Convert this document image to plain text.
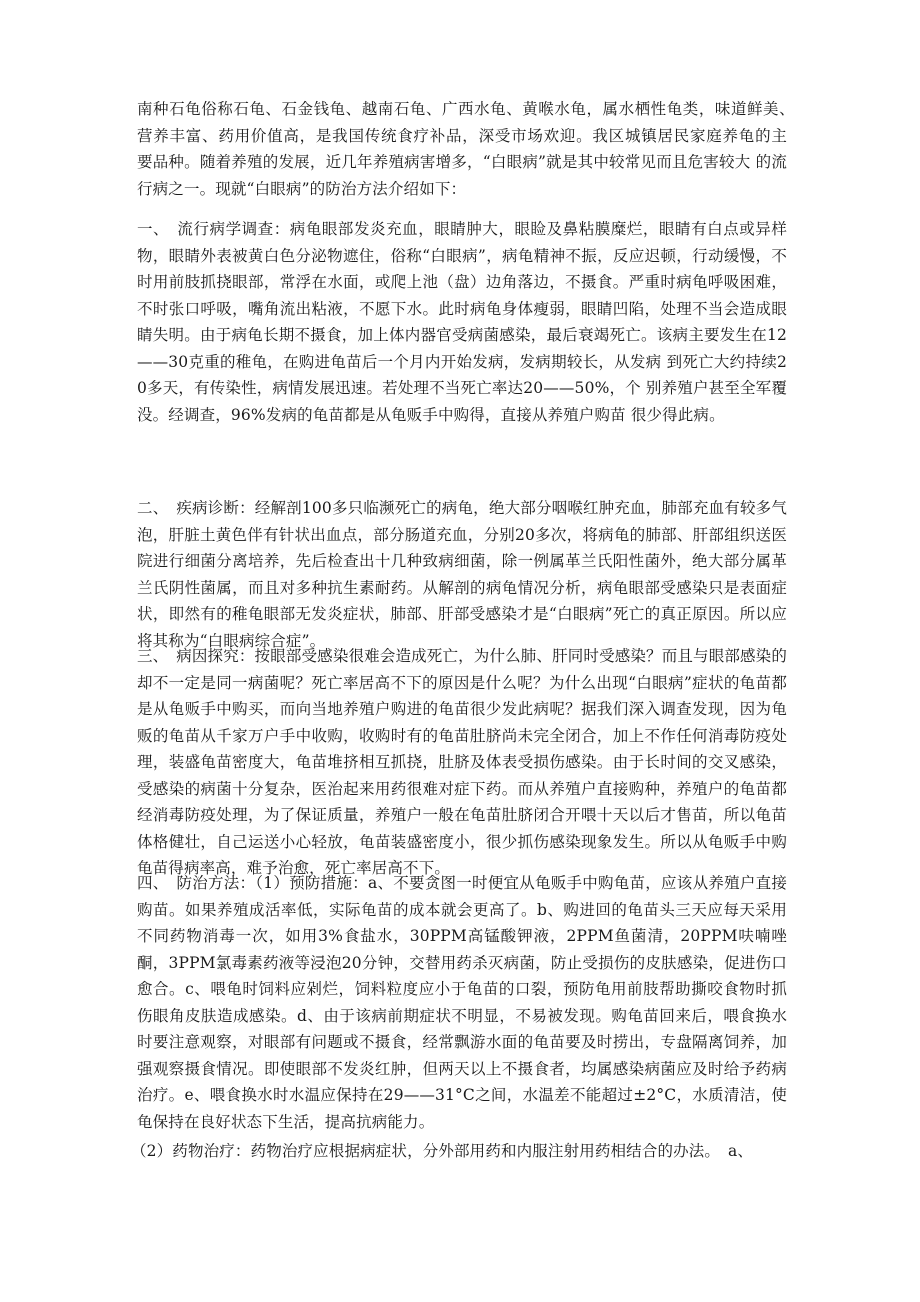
南种石龟俗称石龟、石金钱龟、越南石龟、广西水龟、黄喉水龟，属水栖性龟类，味道鲜美、　营养丰富、药用价值高，是我国传统食疗补品，深受市场欢迎。我区城镇居民家庭养龟的主　要品种。随着养殖的发展，近几年养殖病害增多，“白眼病”就是其中较常见而且危害较大 的流行病之一。现就“白眼病”的防治方法介绍如下：

一、　流行病学调查：病龟眼部发炎充血，眼睛肿大，眼睑及鼻粘膜糜烂，眼睛有白点或异样物，眼睛外表被黄白色分泌物遮住，俗称“白眼病”，病龟精神不振，反应迟顿，行动缓慢，不时用前肢抓挠眼部，常浮在水面，或爬上池（盘）边角落边，不摄食。严重时病龟呼吸困难，不时张口呼吸，嘴角流出粘液，不愿下水。此时病龟身体瘦弱，眼睛凹陷，处理不当会造成眼睛失明。由于病龟长期不摄食，加上体内器官受病菌感染，最后衰竭死亡。该病主要发生在12——30克重的稚龟，在购进龟苗后一个月内开始发病，发病期较长，从发病 到死亡大约持续20多天，有传染性，病情发展迅速。若处理不当死亡率达20——50%，个 别养殖户甚至全军覆没。经调查，96%发病的龟苗都是从龟贩手中购得，直接从养殖户购苗 很少得此病。

二、　疾病诊断：经解剖100多只临濒死亡的病龟，绝大部分咽喉红肿充血，肺部充血有较多气泡，肝脏土黄色伴有针状出血点，部分肠道充血，分别20多次，将病龟的肺部、肝部组织送医院进行细菌分离培养，先后检查出十几种致病细菌，除一例属革兰氏阳性菌外，绝大部分属革兰氏阴性菌属，而且对多种抗生素耐药。从解剖的病龟情况分析，病龟眼部受感染只是表面症状，即然有的稚龟眼部无发炎症状，肺部、肝部受感染才是“白眼病”死亡的真正原因。所以应将其称为“白眼病综合症”。

三、　病因探究：按眼部受感染很难会造成死亡，为什么肺、肝同时受感染？而且与眼部感染的却不一定是同一病菌呢？死亡率居高不下的原因是什么呢？为什么出现“白眼病”症状的龟苗都是从龟贩手中购买，而向当地养殖户购进的龟苗很少发此病呢？据我们深入调查发现，因为龟贩的龟苗从千家万户手中收购，收购时有的龟苗肚脐尚未完全闭合，加上不作任何消毒防疫处理，装盛龟苗密度大，龟苗堆挤相互抓挠，肚脐及体表受损伤感染。由于长时间的交叉感染，受感染的病菌十分复杂，医治起来用药很难对症下药。而从养殖户直接购种，养殖户的龟苗都经消毒防疫处理，为了保证质量，养殖户一般在龟苗肚脐闭合开喂十天以后才售苗，所以龟苗体格健壮，自己运送小心轻放，龟苗装盛密度小，很少抓伤感染现象发生。所以从龟贩手中购龟苗得病率高，难予治愈，死亡率居高不下。

四、　防治方法：（1）预防措施：a、不要贪图一时便宜从龟贩手中购龟苗，应该从养殖户直接购苗。如果养殖成活率低，实际龟苗的成本就会更高了。b、购进回的龟苗头三天应每天采用不同药物消毒一次，如用3%食盐水，30PPM高锰酸钾液，2PPM鱼菌清，20PPM呋喃唑酮，3PPM氯毒素药液等浸泡20分钟，交替用药杀灭病菌，防止受损伤的皮肤感染，促进伤口愈合。c、喂龟时饲料应剁烂，饲料粒度应小于龟苗的口裂，预防龟用前肢帮助撕咬食物时抓伤眼角皮肤造成感染。d、由于该病前期症状不明显，不易被发现。购龟苗回来后，喂食换水时要注意观察，对眼部有问题或不摄食，经常飘游水面的龟苗要及时捞出，专盘隔离饲养，加强观察摄食情况。即使眼部不发炎红肿，但两天以上不摄食者，均属感染病菌应及时给予药病治疗。e、喂食换水时水温应保持在29——31°C之间，水温差不能超过±2°C，水质清洁，使龟保持在良好状态下生活，提高抗病能力。

（2）药物治疗：药物治疗应根据病症状，分外部用药和内服注射用药相结合的办法。　a、
